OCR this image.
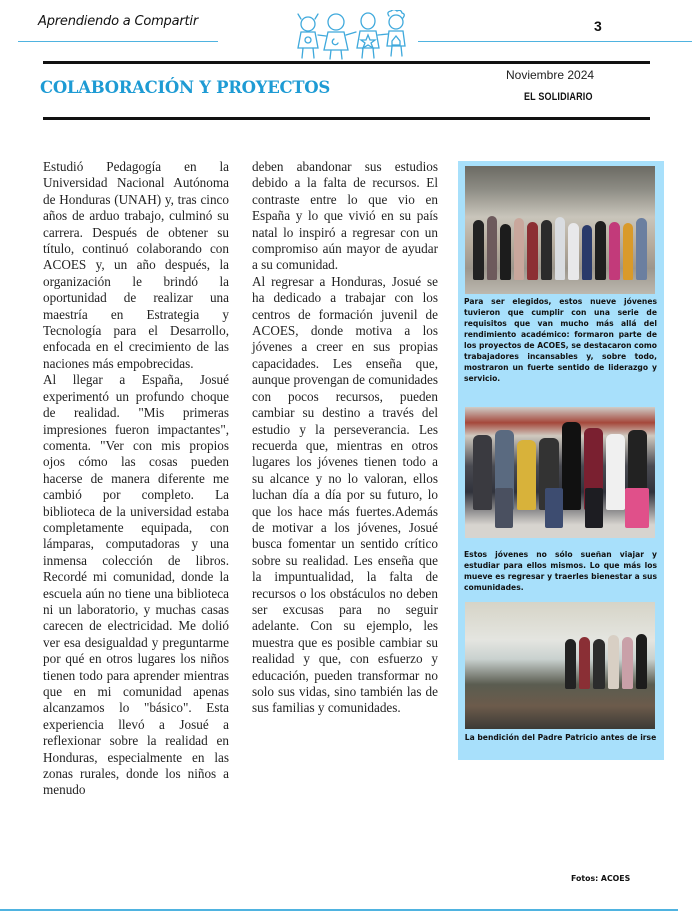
Aprendiendo a Compartir	3
COLABORACIÓN Y PROYECTOS
Noviembre 2024
EL SOLIDIARIO

Estudió Pedagogía en la Universidad Nacional Autónoma de Honduras (UNAH) y, tras cinco años de arduo trabajo, culminó su carrera. Después de obtener su título, continuó colaborando con ACOES y, un año después, la organización le brindó la oportunidad de realizar una maestría en Estrategia y Tecnología para el Desarrollo, enfocada en el crecimiento de las naciones más empobrecidas.

Al llegar a España, Josué experimentó un profundo choque de realidad. "Mis primeras impresiones fueron impactantes", comenta. "Ver con mis propios ojos cómo las cosas pueden hacerse de manera diferente me cambió por completo. La biblioteca de la universidad estaba completamente equipada, con lámparas, computadoras y una inmensa colección de libros. Recordé mi comunidad, donde la escuela aún no tiene una biblioteca ni un laboratorio, y muchas casas carecen de electricidad. Me dolió ver esa desigualdad y preguntarme por qué en otros lugares los niños tienen todo para aprender mientras que en mi comunidad apenas alcanzamos lo "básico". Esta experiencia llevó a Josué a reflexionar sobre la realidad en Honduras, especialmente en las zonas rurales, donde los niños a menudo

deben abandonar sus estudios debido a la falta de recursos. El contraste entre lo que vio en España y lo que vivió en su país natal lo inspiró a regresar con un compromiso aún mayor de ayudar a su comunidad.

Al regresar a Honduras, Josué se ha dedicado a trabajar con los centros de formación juvenil de ACOES, donde motiva a los jóvenes a creer en sus propias capacidades. Les enseña que, aunque provengan de comunidades con pocos recursos, pueden cambiar su destino a través del estudio y la perseverancia. Les recuerda que, mientras en otros lugares los jóvenes tienen todo a su alcance y no lo valoran, ellos luchan día a día por su futuro, lo que los hace más fuertes.Además de motivar a los jóvenes, Josué busca fomentar un sentido crítico sobre su realidad. Les enseña que la impuntualidad, la falta de recursos o los obstáculos no deben ser excusas para no seguir adelante. Con su ejemplo, les muestra que es posible cambiar su realidad y que, con esfuerzo y educación, pueden transformar no solo sus vidas, sino también las de sus familias y comunidades.

Para ser elegidos, estos nueve jóvenes tuvieron que cumplir con una serie de requisitos que van mucho más allá del rendimiento académico: formaron parte de los proyectos de ACOES, se destacaron como trabajadores incansables y, sobre todo, mostraron un fuerte sentido de liderazgo y servicio.
Estos jóvenes no sólo sueñan viajar y estudiar para ellos mismos. Lo que más los mueve es regresar y traerles bienestar a sus comunidades.
La bendición del Padre Patricio antes de irse
Fotos: ACOES
